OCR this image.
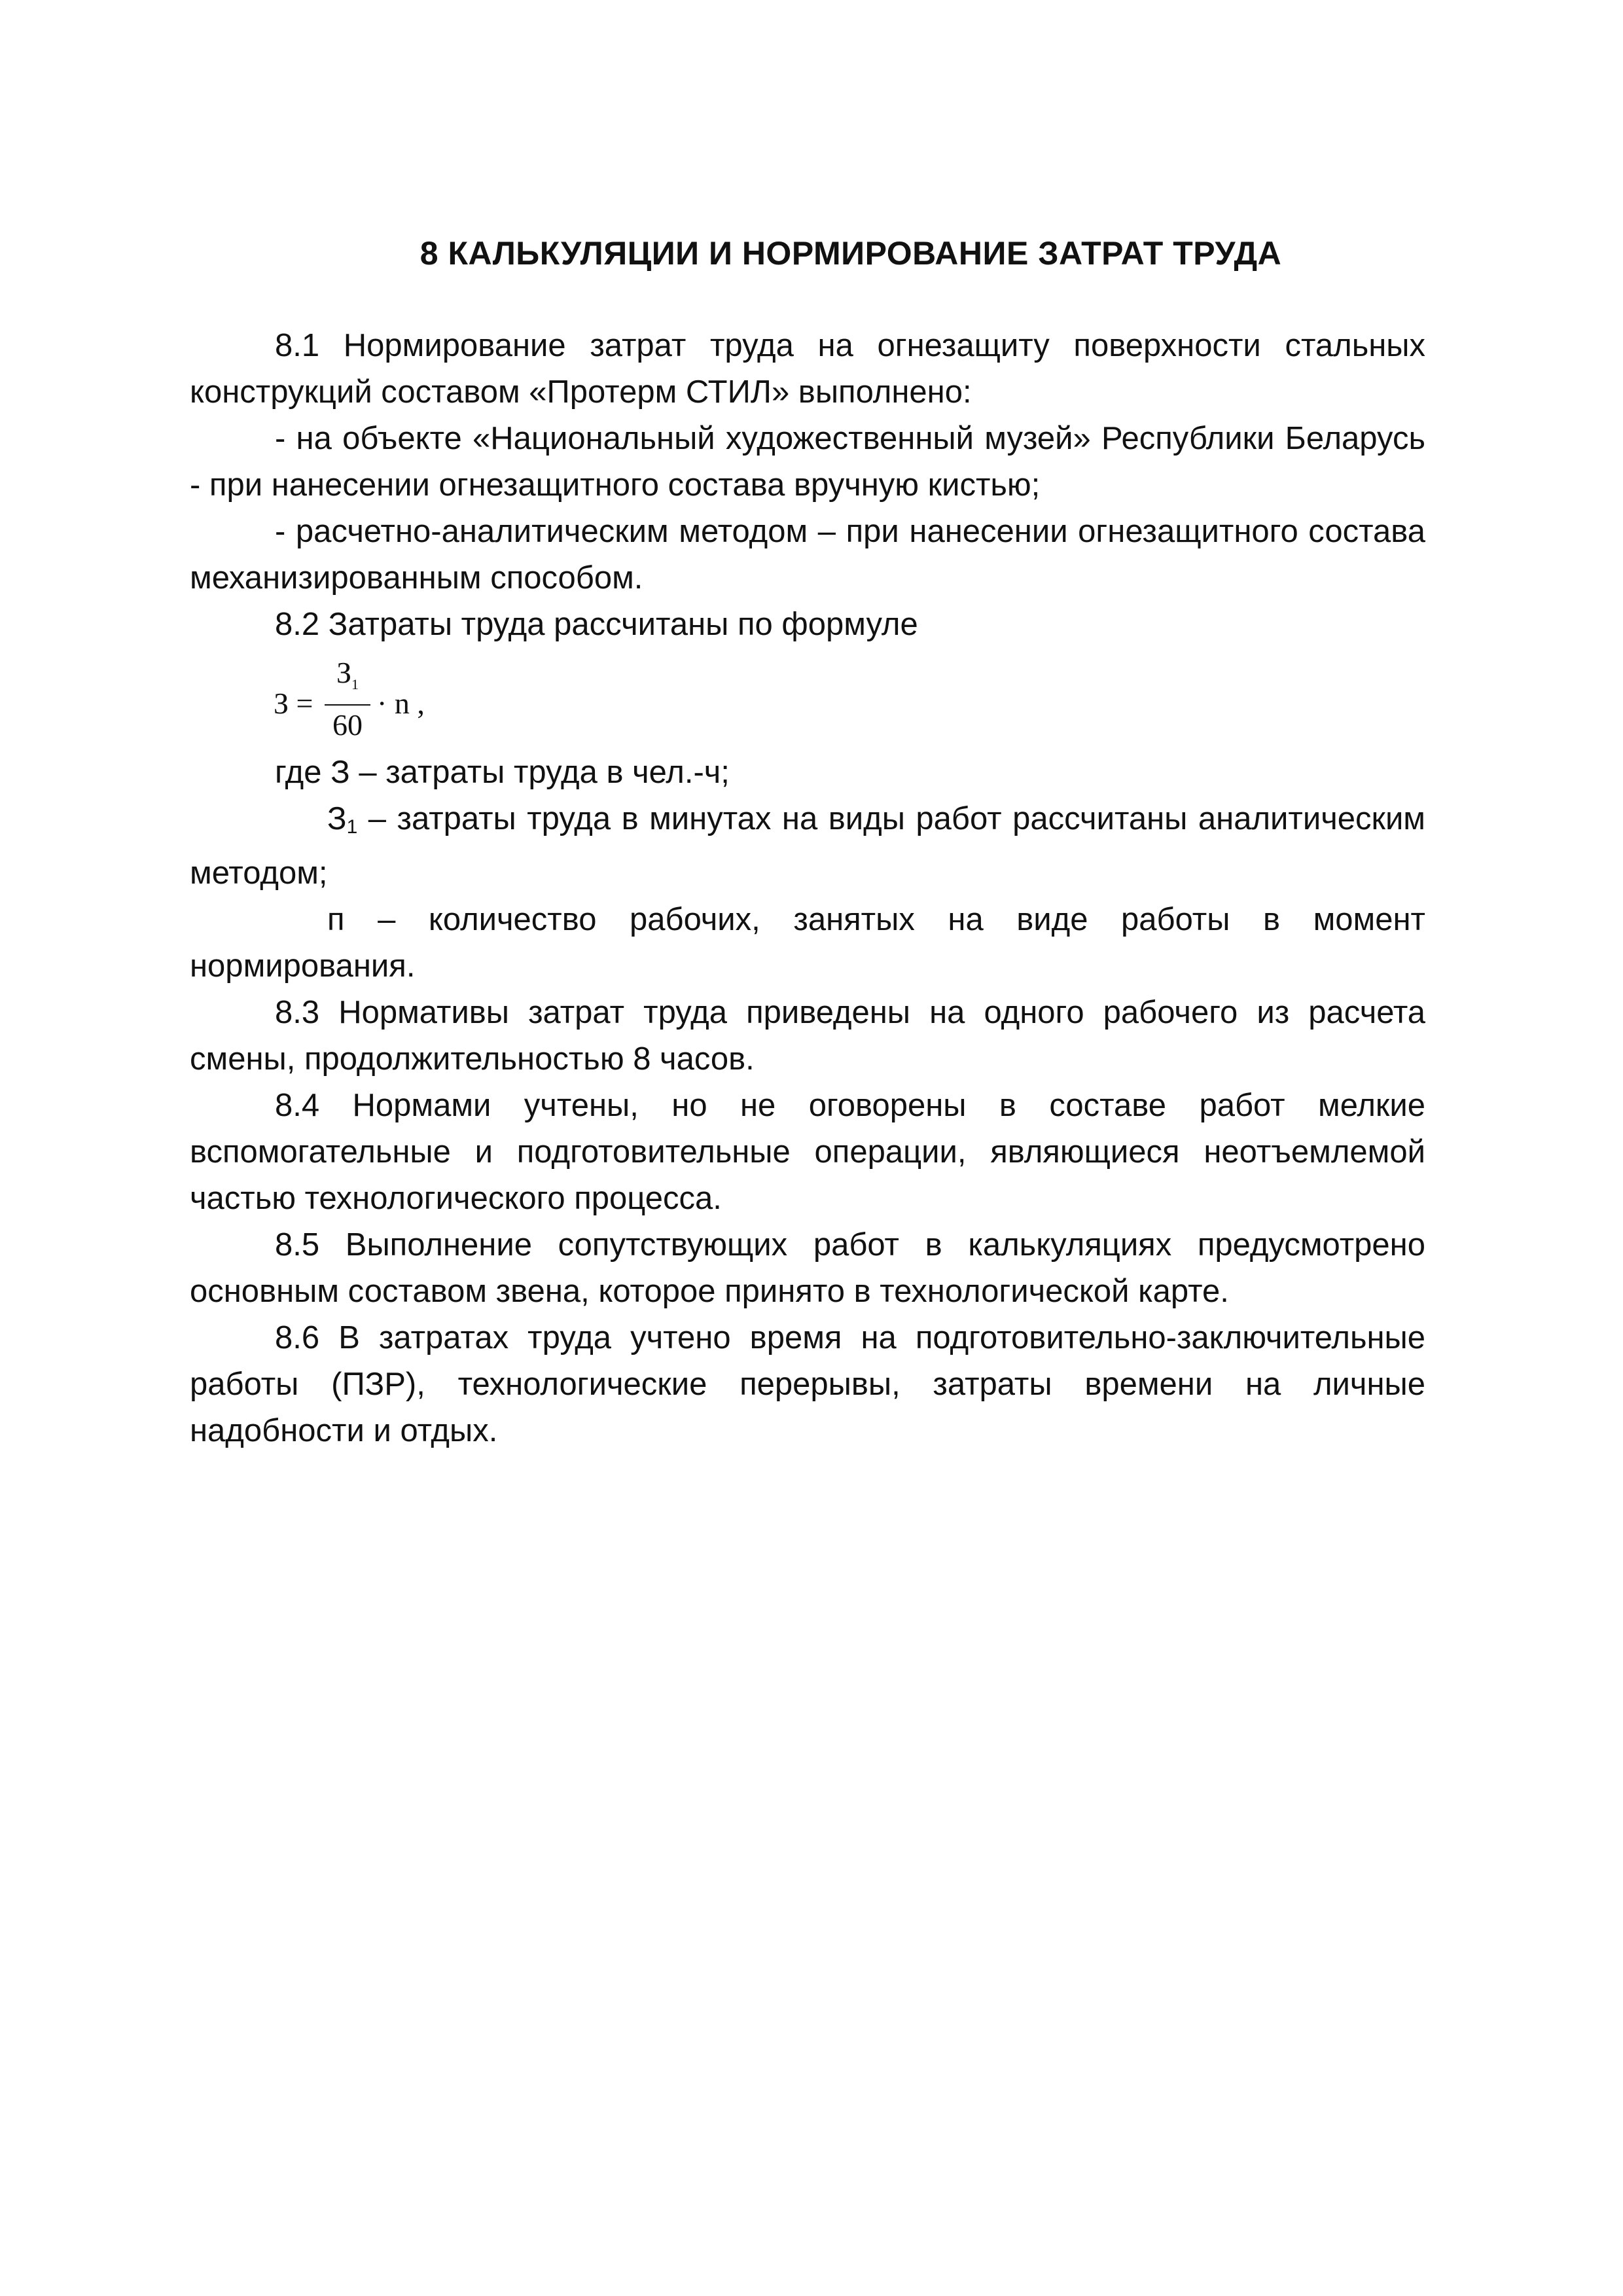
8 КАЛЬКУЛЯЦИИ И НОРМИРОВАНИЕ ЗАТРАТ ТРУДА

8.1 Нормирование затрат труда на огнезащиту поверхности стальных конструкций составом «Протерм СТИЛ» выполнено:

- на объекте «Национальный художественный музей» Республики Беларусь - при нанесении огнезащитного состава вручную кистью;

- расчетно-аналитическим методом – при нанесении огнезащитного состава механизированным способом.

8.2 Затраты труда рассчитаны по формуле

З =
$З_1$
60
· n ,

где З – затраты труда в чел.-ч;

$З_1$ – затраты труда в минутах на виды работ рассчитаны аналитическим методом;

п – количество рабочих, занятых на виде работы в момент нормирования.

8.3 Нормативы затрат труда приведены на одного рабочего из расчета смены, продолжительностью 8 часов.

8.4 Нормами учтены, но не оговорены в составе работ мелкие вспомогательные и подготовительные операции, являющиеся неотъемлемой частью технологического процесса.

8.5 Выполнение сопутствующих работ в калькуляциях предусмотрено основным составом звена, которое принято в технологической карте.

8.6 В затратах труда учтено время на подготовительно-заключительные работы (ПЗР), технологические перерывы, затраты времени на личные надобности и отдых.
